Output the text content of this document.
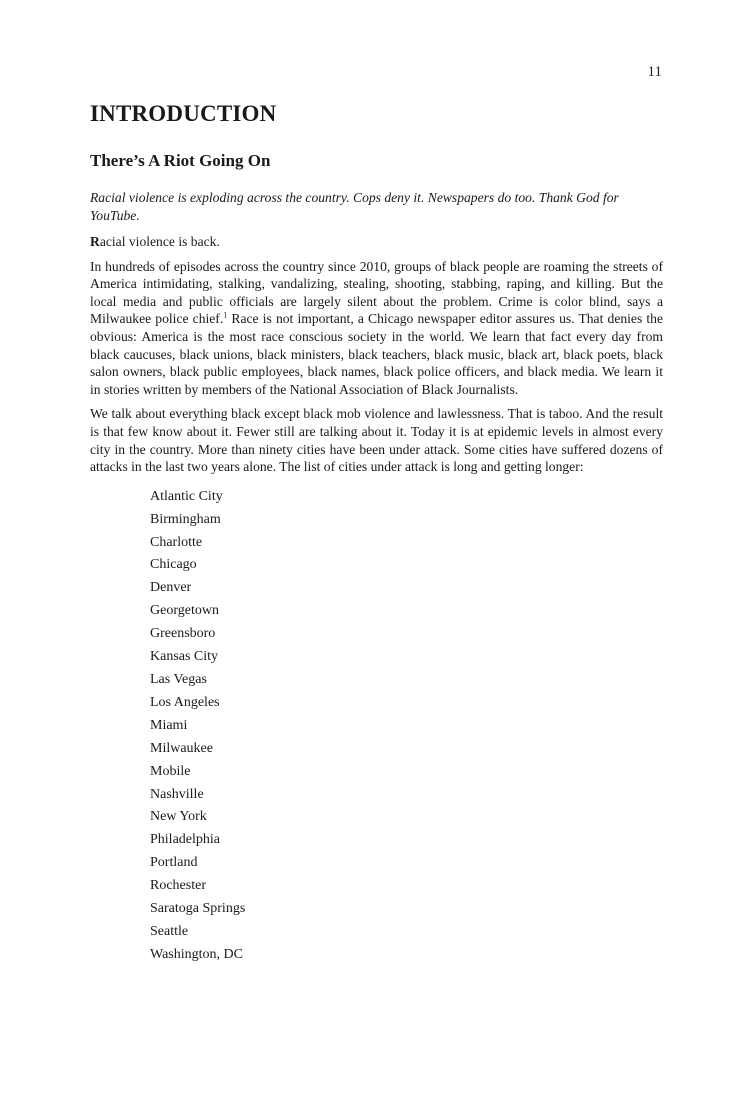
11
INTRODUCTION
There’s A Riot Going On

Racial violence is exploding across the country. Cops deny it. Newspapers do too. Thank God for YouTube.

Racial violence is back.

In hundreds of episodes across the country since 2010, groups of black people are roaming the streets of America intimidating, stalking, vandalizing, stealing, shooting, stabbing, raping, and killing. But the local media and public officials are largely silent about the problem. Crime is color blind, says a Milwaukee police chief.$^1$ Race is not important, a Chicago newspaper editor assures us. That denies the obvious: America is the most race conscious society in the world. We learn that fact every day from black caucuses, black unions, black ministers, black teachers, black music, black art, black poets, black salon owners, black public employees, black names, black police officers, and black media. We learn it in stories written by members of the National Association of Black Journalists.

We talk about everything black except black mob violence and lawlessness. That is taboo. And the result is that few know about it. Fewer still are talking about it. Today it is at epidemic levels in almost every city in the country. More than ninety cities have been under attack. Some cities have suffered dozens of attacks in the last two years alone. The list of cities under attack is long and getting longer:

Atlantic City
Birmingham
Charlotte
Chicago
Denver
Georgetown
Greensboro
Kansas City
Las Vegas
Los Angeles
Miami
Milwaukee
Mobile
Nashville
New York
Philadelphia
Portland
Rochester
Saratoga Springs
Seattle
Washington, DC
